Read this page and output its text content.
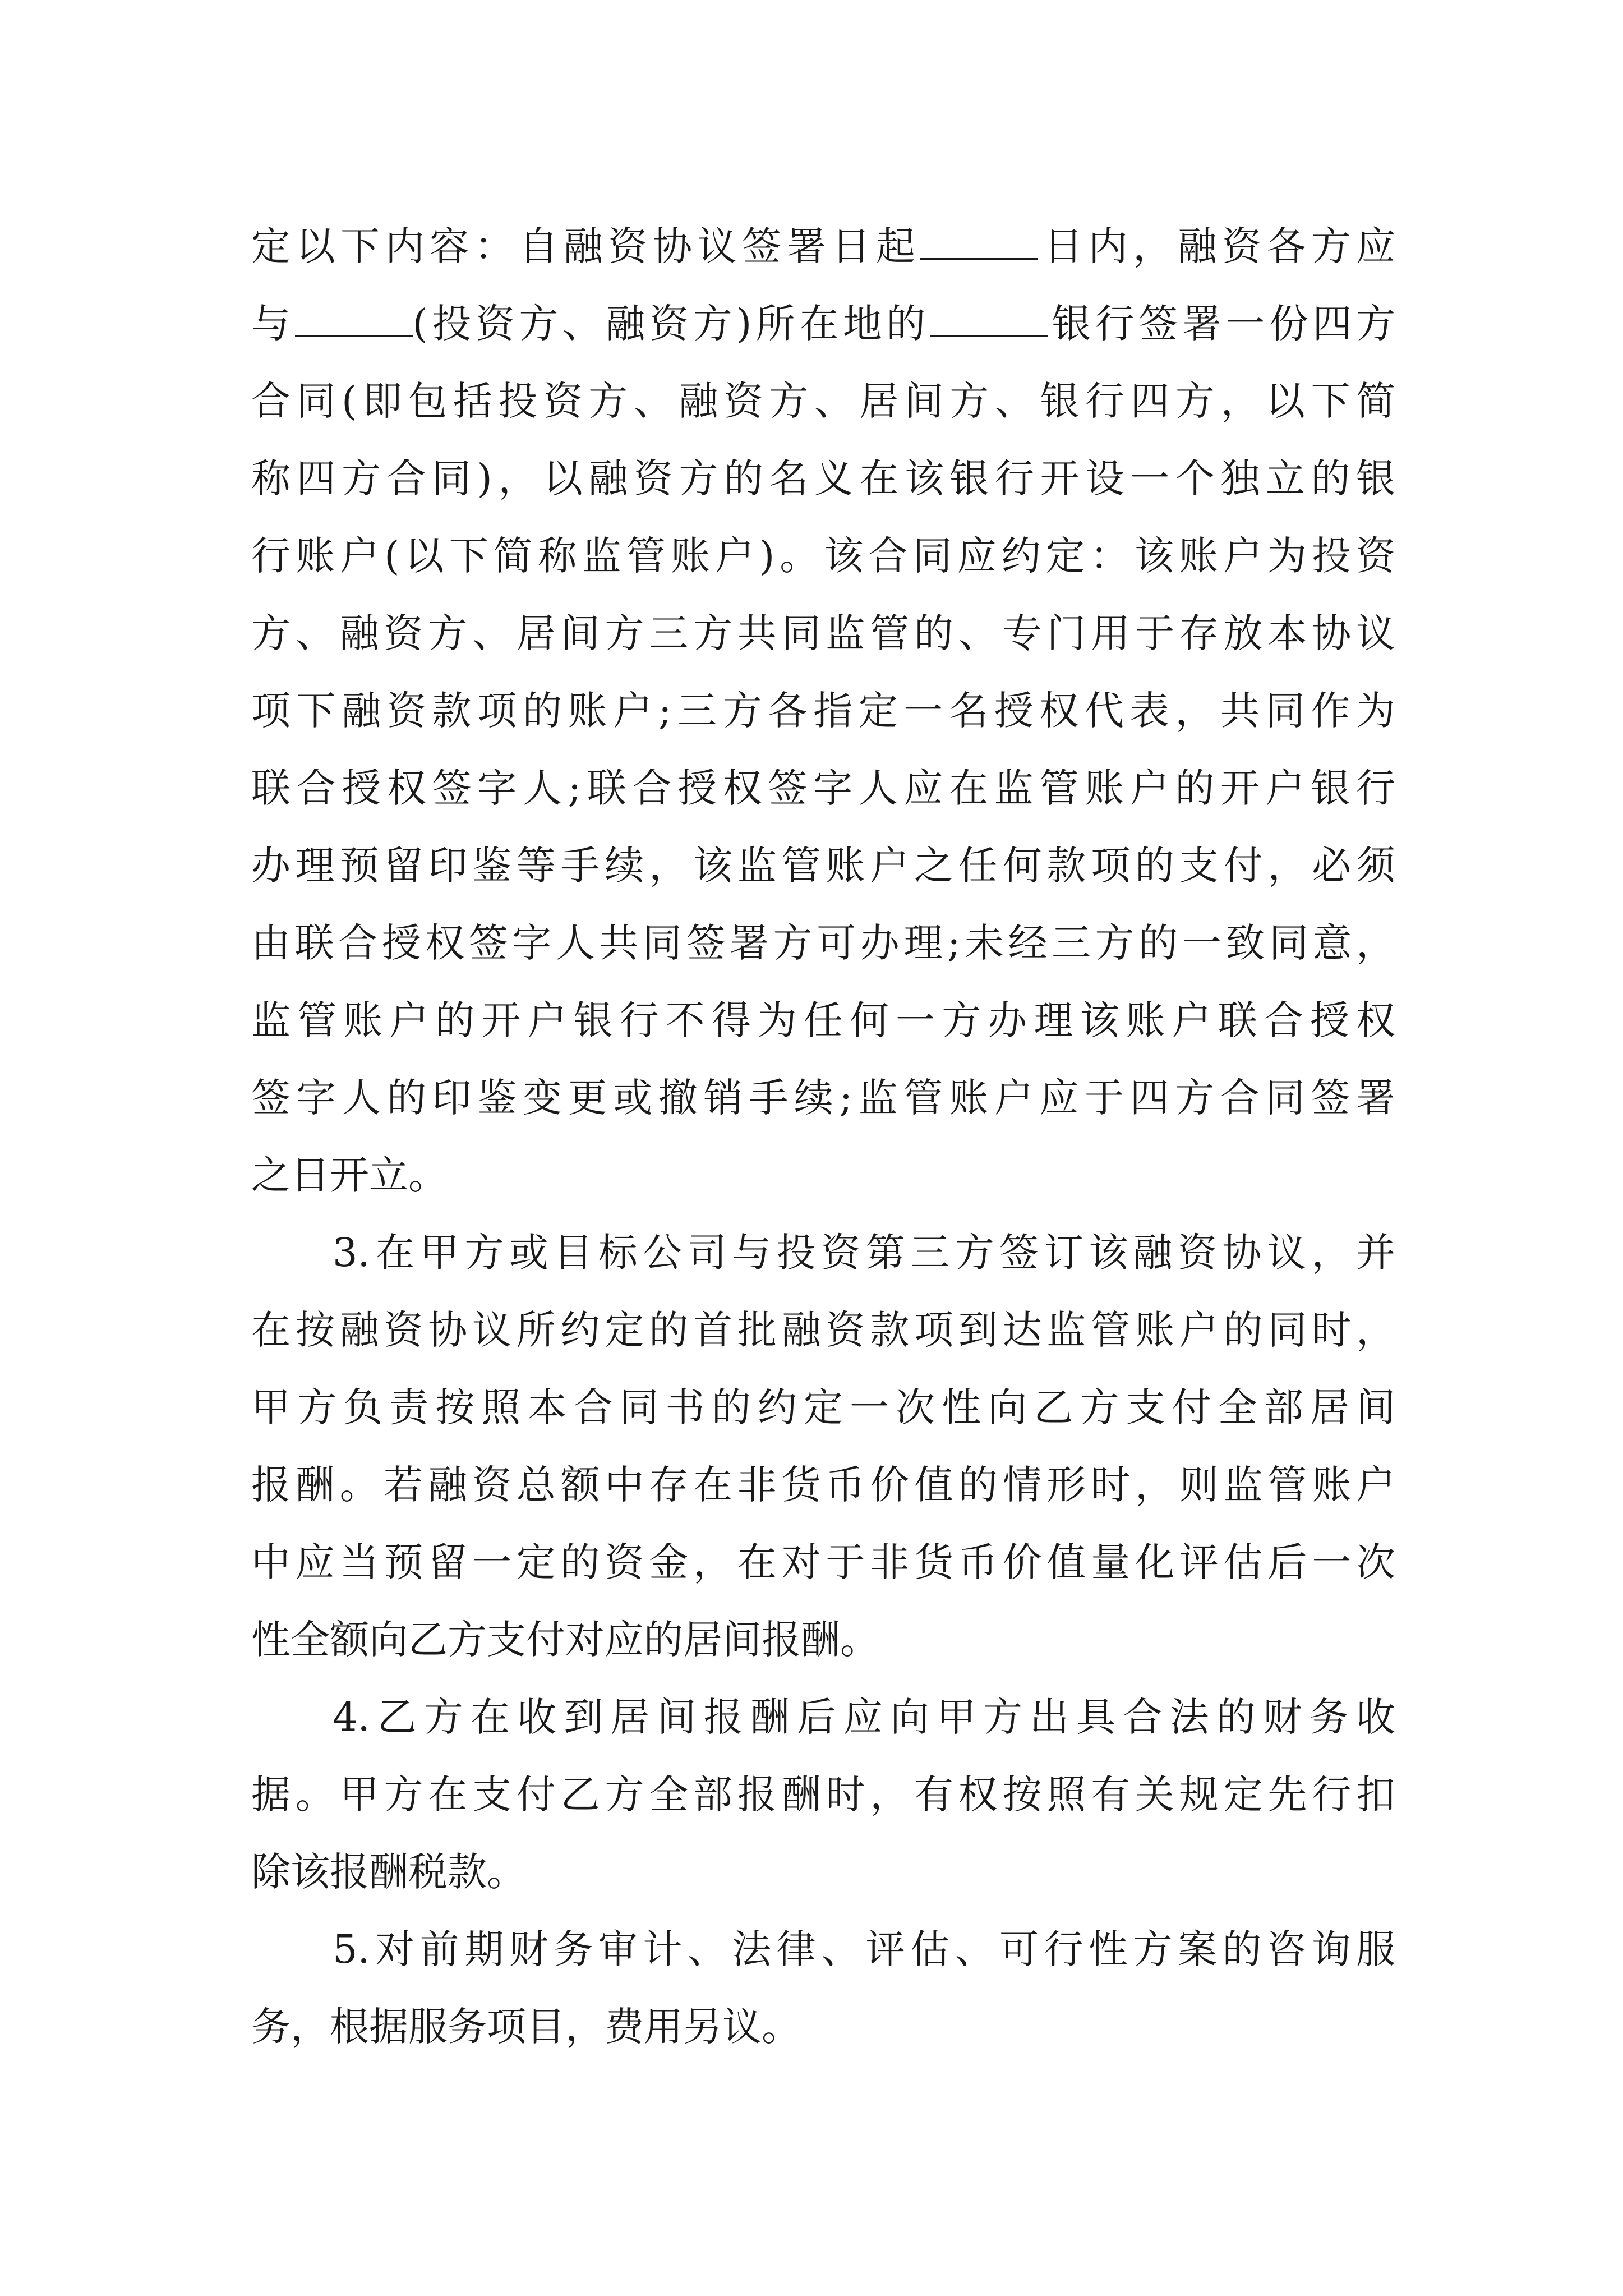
定以下内容：自融资协议签署日起	日内，融资各方应
与	(投资方、融资方)所在地的	银行签署一份四方
合同(即包括投资方、融资方、居间方、银行四方，以下简
称四方合同)，以融资方的名义在该银行开设一个独立的银
行账户(以下简称监管账户)。该合同应约定：该账户为投资
方、融资方、居间方三方共同监管的、专门用于存放本协议
项下融资款项的账户;三方各指定一名授权代表，共同作为
联合授权签字人;联合授权签字人应在监管账户的开户银行
办理预留印鉴等手续，该监管账户之任何款项的支付，必须
由联合授权签字人共同签署方可办理;未经三方的一致同意，
监管账户的开户银行不得为任何一方办理该账户联合授权
签字人的印鉴变更或撤销手续;监管账户应于四方合同签署
之日开立。

3.在甲方或目标公司与投资第三方签订该融资协议，并
在按融资协议所约定的首批融资款项到达监管账户的同时，
甲方负责按照本合同书的约定一次性向乙方支付全部居间
报酬。若融资总额中存在非货币价值的情形时，则监管账户
中应当预留一定的资金，在对于非货币价值量化评估后一次
性全额向乙方支付对应的居间报酬。

4.乙方在收到居间报酬后应向甲方出具合法的财务收
据。甲方在支付乙方全部报酬时，有权按照有关规定先行扣
除该报酬税款。

5.对前期财务审计、法律、评估、可行性方案的咨询服
务，根据服务项目，费用另议。
